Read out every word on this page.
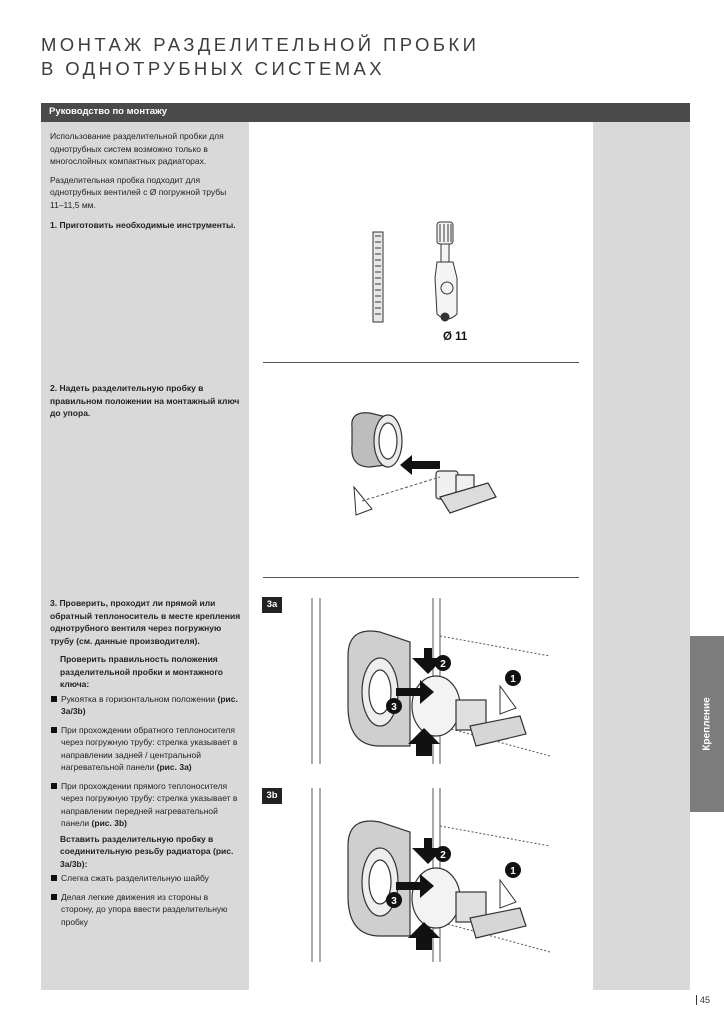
МОНТАЖ РАЗДЕЛИТЕЛЬНОЙ ПРОБКИ
В ОДНОТРУБНЫХ СИСТЕМАХ
Руководство по монтажу
Крепление

Использование разделительной пробки для однотрубных систем возможно только в многослойных компактных радиаторах.

Разделительная пробка подходит для однотрубных вентилей с Ø погружной трубы 11–11,5 мм.

1. Приготовить необходимые инструменты.

2. Надеть разделительную пробку в правильном положении на монтажный ключ до упора.

3. Проверить, проходит ли прямой или обратный теплоноситель в месте крепления однотрубного вентиля через погружную трубу (см. данные производителя).

Проверить правильность положения разделительной пробки и монтажного ключа:

Рукоятка в горизонтальном положении (рис. 3a/3b)

При прохождении обратного теплоносителя через погружную трубу: стрелка указывает в направлении задней / центральной нагревательной панели (рис. 3a)

При прохождении прямого теплоносителя через погружную трубу: стрелка указывает в направлении передней нагревательной панели (рис. 3b)

Вставить разделительную пробку в соединительную резьбу радиатора (рис. 3a/3b):

Слегка сжать разделительную шайбу

Делая легкие движения из стороны в сторону, до упора ввести разделительную пробку

Ø 11
3a
2
1
3
3b
2
1
3
45
